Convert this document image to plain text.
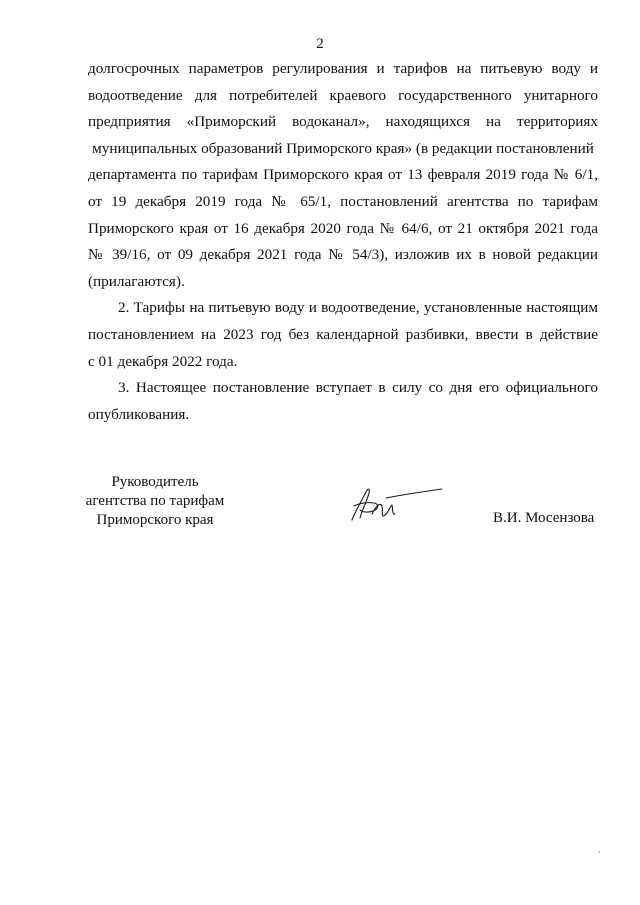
2

долгосрочных параметров регулирования и тарифов на питьевую воду и
водоотведение для потребителей краевого государственного унитарного
предприятия «Приморский водоканал», находящихся на территориях
муниципальных образований Приморского края» (в редакции постановлений
департамента по тарифам Приморского края от 13 февраля 2019 года № 6/1,
от 19 декабря 2019 года № 65/1, постановлений агентства по тарифам
Приморского края от 16 декабря 2020 года № 64/6, от 21 октября 2021 года
№ 39/16, от 09 декабря 2021 года № 54/3), изложив их в новой редакции
(прилагаются).

2. Тарифы на питьевую воду и водоотведение, установленные настоящим
постановлением на 2023 год без календарной разбивки, ввести в действие
с 01 декабря 2022 года.

3. Настоящее постановление вступает в силу со дня его официального
опубликования.

Руководитель
агентства по тарифам
Приморского края	В.И. Мосензова
